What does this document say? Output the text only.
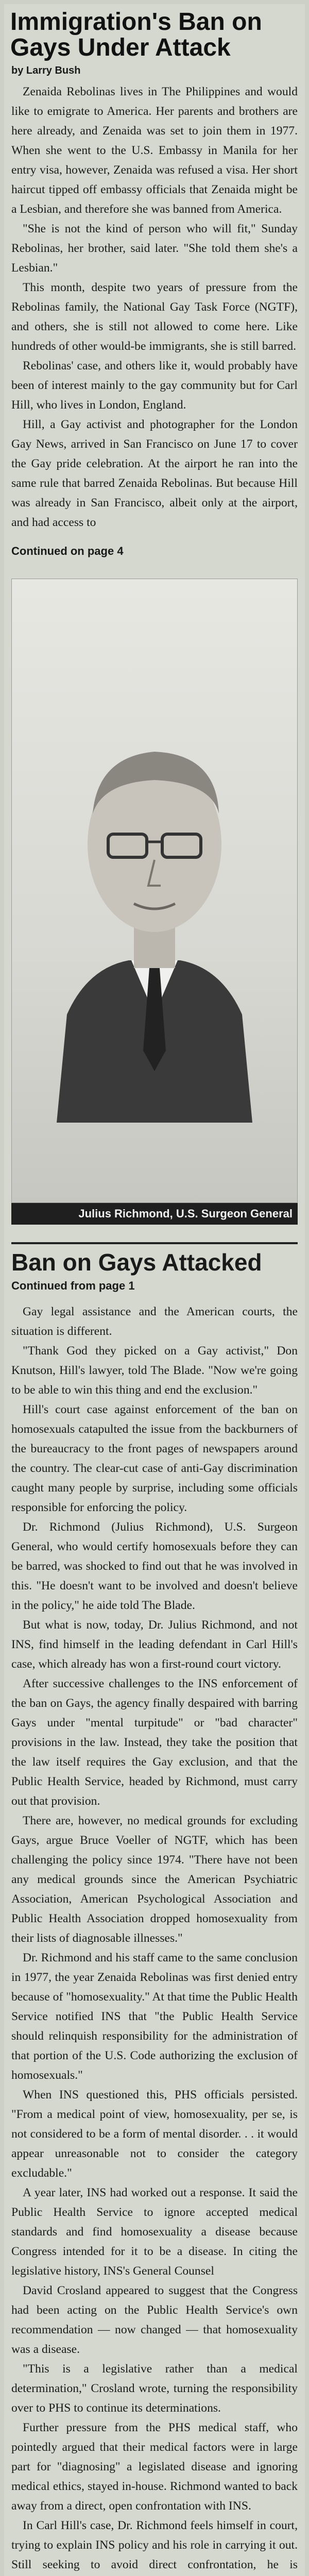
Immigration's Ban on Gays Under Attack
by Larry Bush

Zenaida Rebolinas lives in The Philippines and would like to emigrate to America. Her parents and brothers are here already, and Zenaida was set to join them in 1977. When she went to the U.S. Embassy in Manila for her entry visa, however, Zenaida was refused a visa. Her short haircut tipped off embassy officials that Zenaida might be a Lesbian, and therefore she was banned from America.

"She is not the kind of person who will fit," Sunday Rebolinas, her brother, said later. "She told them she's a Lesbian."

This month, despite two years of pressure from the Rebolinas family, the National Gay Task Force (NGTF), and others, she is still not allowed to come here. Like hundreds of other would-be immigrants, she is still barred.

Rebolinas' case, and others like it, would probably have been of interest mainly to the gay community but for Carl Hill, who lives in London, England.

Hill, a Gay activist and photographer for the London Gay News, arrived in San Francisco on June 17 to cover the Gay pride celebration. At the airport he ran into the same rule that barred Zenaida Rebolinas. But because Hill was already in San Francisco, albeit only at the airport, and had access to

Continued on page 4
Julius Richmond, U.S. Surgeon General
Ban on Gays Attacked
Continued from page 1

Gay legal assistance and the American courts, the situation is different.

"Thank God they picked on a Gay activist," Don Knutson, Hill's lawyer, told The Blade. "Now we're going to be able to win this thing and end the exclusion."

Hill's court case against enforcement of the ban on homosexuals catapulted the issue from the backburners of the bureaucracy to the front pages of newspapers around the country. The clear-cut case of anti-Gay discrimination caught many people by surprise, including some officials responsible for enforcing the policy.

Dr. Richmond (Julius Richmond), U.S. Surgeon General, who would certify homosexuals before they can be barred, was shocked to find out that he was involved in this. "He doesn't want to be involved and doesn't believe in the policy," he aide told The Blade.

But what is now, today, Dr. Julius Richmond, and not INS, find himself in the leading defendant in Carl Hill's case, which already has won a first-round court victory.

After successive challenges to the INS enforcement of the ban on Gays, the agency finally despaired with barring Gays under "mental turpitude" or "bad character" provisions in the law. Instead, they take the position that the law itself requires the Gay exclusion, and that the Public Health Service, headed by Richmond, must carry out that provision.

There are, however, no medical grounds for excluding Gays, argue Bruce Voeller of NGTF, which has been challenging the policy since 1974. "There have not been any medical grounds since the American Psychiatric Association, American Psychological Association and Public Health Association dropped homosexuality from their lists of diagnosable illnesses."

Dr. Richmond and his staff came to the same conclusion in 1977, the year Zenaida Rebolinas was first denied entry because of "homosexuality." At that time the Public Health Service notified INS that "the Public Health Service should relinquish responsibility for the administration of that portion of the U.S. Code authorizing the exclusion of homosexuals."

When INS questioned this, PHS officials persisted. "From a medical point of view, homosexuality, per se, is not considered to be a form of mental disorder. . . it would appear unreasonable not to consider the category excludable."

A year later, INS had worked out a response. It said the Public Health Service to ignore accepted medical standards and find homosexuality a disease because Congress intended for it to be a disease. In citing the legislative history, INS's General Counsel

David Crosland appeared to suggest that the Congress had been acting on the Public Health Service's own recommendation — now changed — that homosexuality was a disease.

"This is a legislative rather than a medical determination," Crosland wrote, turning the responsibility over to PHS to continue its determinations.

Further pressure from the PHS medical staff, who pointedly argued that their medical factors were in large part for "diagnosing" a legislated disease and ignoring medical ethics, stayed in-house. Richmond wanted to back away from a direct, open confrontation with INS.

In Carl Hill's case, Dr. Richmond feels himself in court, trying to explain INS policy and his role in carrying it out. Still seeking to avoid direct confrontation, he is
